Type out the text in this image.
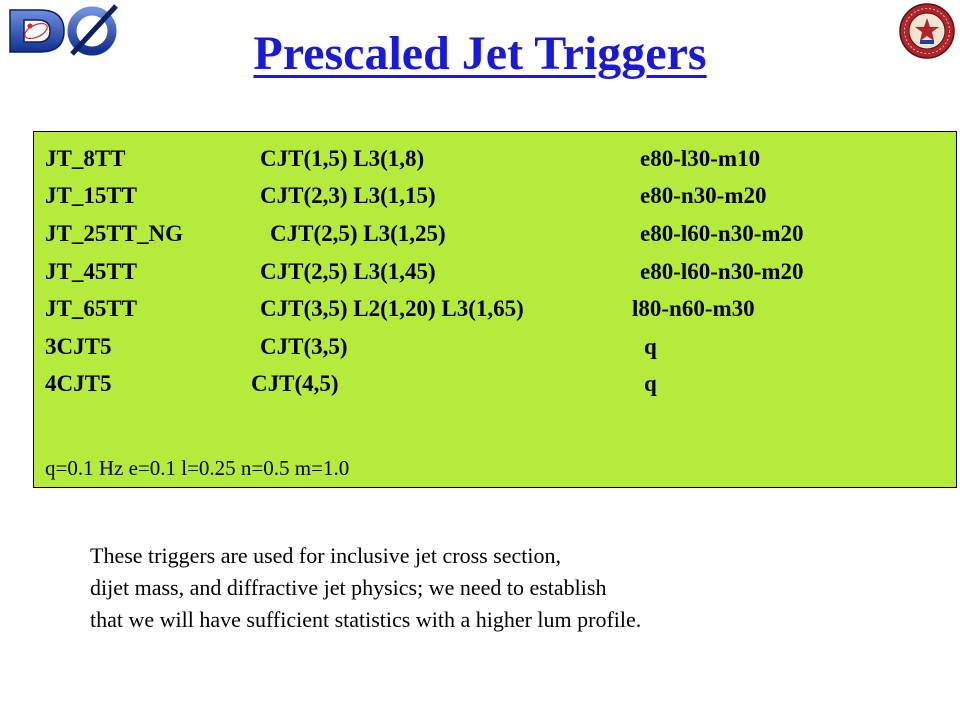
Prescaled Jet Triggers
JT_8TT	CJT(1,5) L3(1,8)	e80-l30-m10
JT_15TT	CJT(2,3) L3(1,15)	e80-n30-m20
JT_25TT_NG	CJT(2,5) L3(1,25)	e80-l60-n30-m20
JT_45TT	CJT(2,5) L3(1,45)	e80-l60-n30-m20
JT_65TT	CJT(3,5) L2(1,20) L3(1,65)	l80-n60-m30
3CJT5	CJT(3,5)	q
4CJT5	CJT(4,5)	q
q=0.1 Hz e=0.1 l=0.25 n=0.5 m=1.0
These triggers are used for inclusive jet cross section,
dijet mass, and diffractive jet physics; we need to establish
that we will have sufficient statistics with a higher lum profile.
